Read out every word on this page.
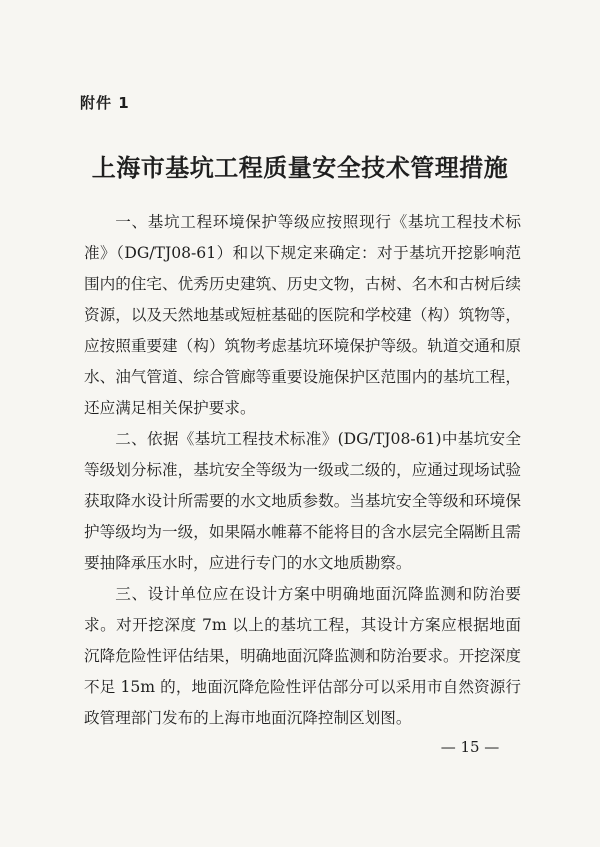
附件 1
上海市基坑工程质量安全技术管理措施

一、基坑工程环境保护等级应按照现行《基坑工程技术标准》（DG/TJ08-61）和以下规定来确定：对于基坑开挖影响范围内的住宅、优秀历史建筑、历史文物，古树、名木和古树后续资源，以及天然地基或短桩基础的医院和学校建（构）筑物等，应按照重要建（构）筑物考虑基坑环境保护等级。轨道交通和原水、油气管道、综合管廊等重要设施保护区范围内的基坑工程，还应满足相关保护要求。

二、依据《基坑工程技术标准》(DG/TJ08-61)中基坑安全等级划分标准，基坑安全等级为一级或二级的，应通过现场试验获取降水设计所需要的水文地质参数。当基坑安全等级和环境保护等级均为一级，如果隔水帷幕不能将目的含水层完全隔断且需要抽降承压水时，应进行专门的水文地质勘察。

三、设计单位应在设计方案中明确地面沉降监测和防治要求。对开挖深度 7m 以上的基坑工程，其设计方案应根据地面沉降危险性评估结果，明确地面沉降监测和防治要求。开挖深度不足 15m 的，地面沉降危险性评估部分可以采用市自然资源行政管理部门发布的上海市地面沉降控制区划图。

— 15 —
